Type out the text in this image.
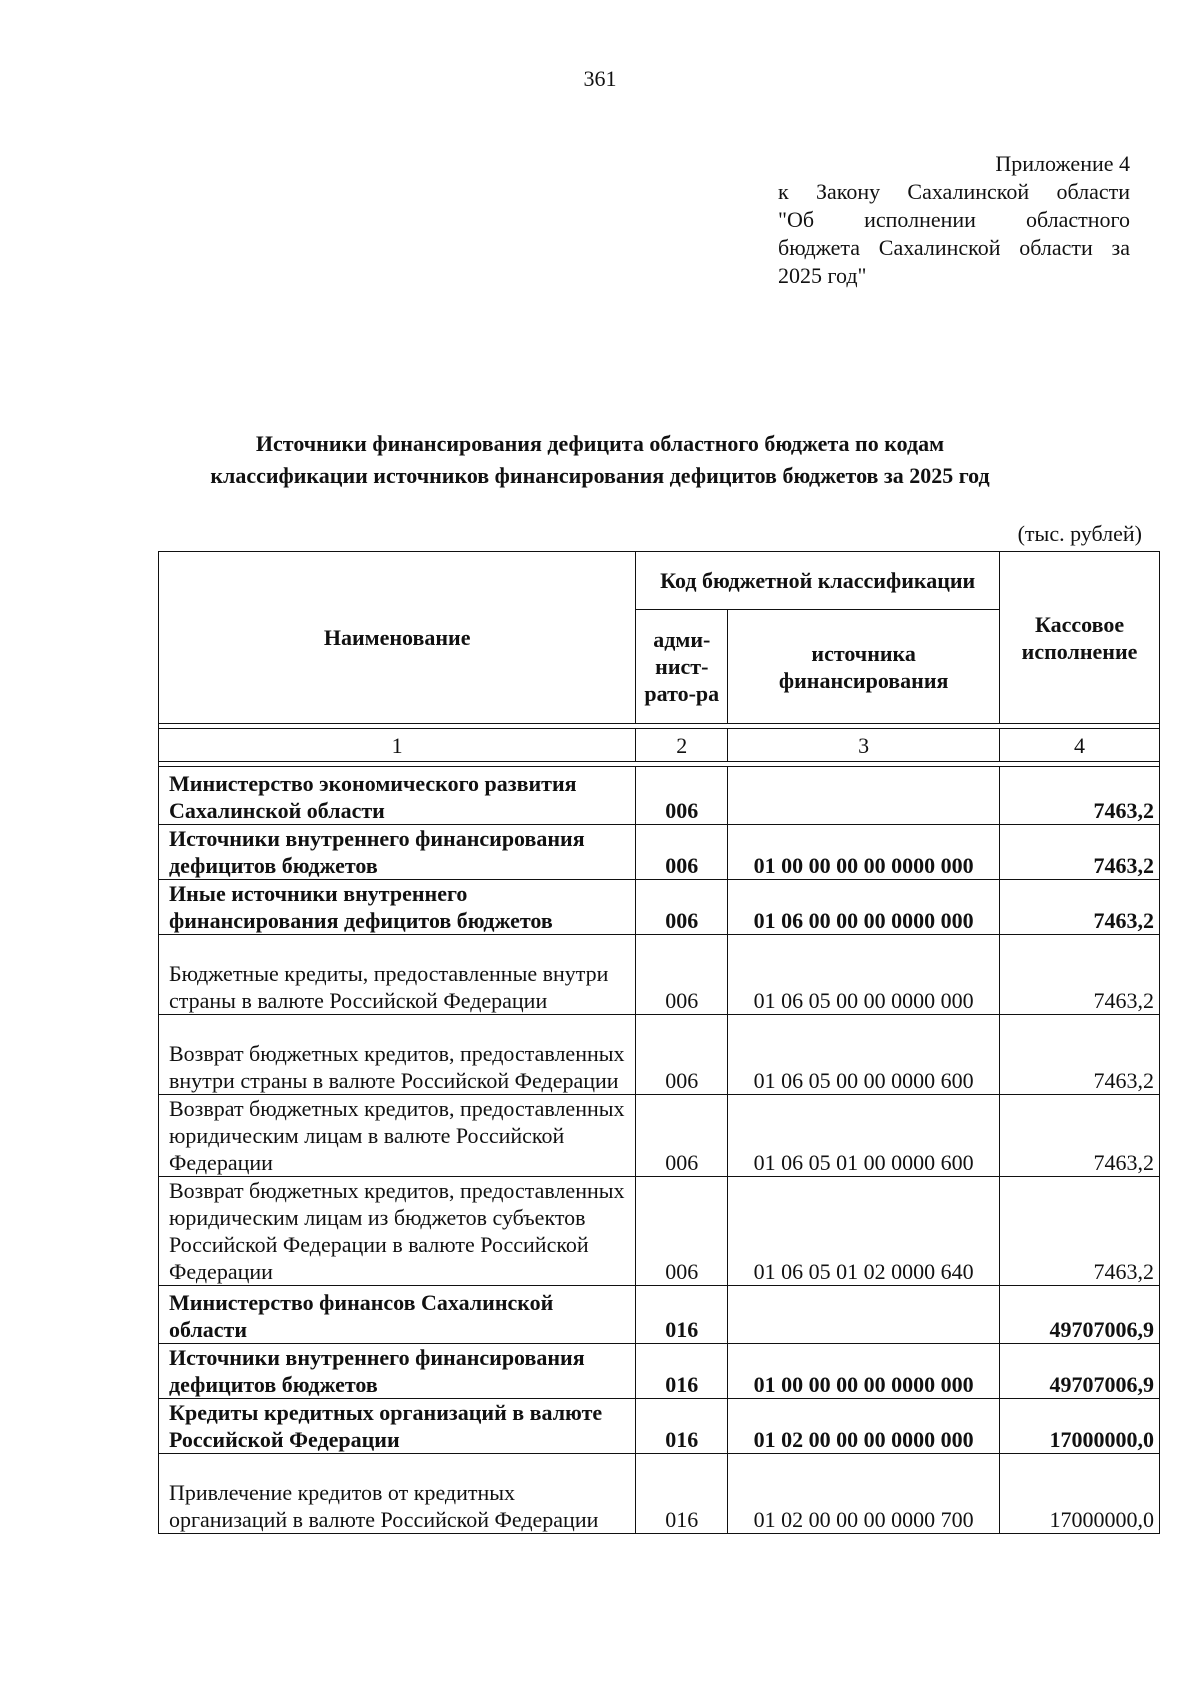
361
Приложение 4
к Закону Сахалинской области
"Об исполнении областного
бюджета Сахалинской области за
2025 год"
Источники финансирования дефицита областного бюджета по кодам
классификации источников финансирования дефицитов бюджетов за 2025 год
(тыс. рублей)
Наименование	Код бюджетной классификации		Кассовое исполнение
	адми-нист-рато-ра	источника финансирования	

1	2	3	4

Министерство экономического развития Сахалинской области	006		7463,2
Источники внутреннего финансирования дефицитов бюджетов	006	01 00 00 00 00 0000 000	7463,2
Иные источники внутреннего финансирования дефицитов бюджетов	006	01 06 00 00 00 0000 000	7463,2
Бюджетные кредиты, предоставленные внутри страны в валюте Российской Федерации	006	01 06 05 00 00 0000 000	7463,2
Возврат бюджетных кредитов, предоставленных внутри страны в валюте Российской Федерации	006	01 06 05 00 00 0000 600	7463,2
Возврат бюджетных кредитов, предоставленных юридическим лицам в валюте Российской Федерации	006	01 06 05 01 00 0000 600	7463,2
Возврат бюджетных кредитов, предоставленных юридическим лицам из бюджетов субъектов Российской Федерации в валюте Российской Федерации	006	01 06 05 01 02 0000 640	7463,2
Министерство финансов Сахалинской области	016		49707006,9
Источники внутреннего финансирования дефицитов бюджетов	016	01 00 00 00 00 0000 000	49707006,9
Кредиты кредитных организаций в валюте Российской Федерации	016	01 02 00 00 00 0000 000	17000000,0
Привлечение кредитов от кредитных организаций в валюте Российской Федерации	016	01 02 00 00 00 0000 700	17000000,0
